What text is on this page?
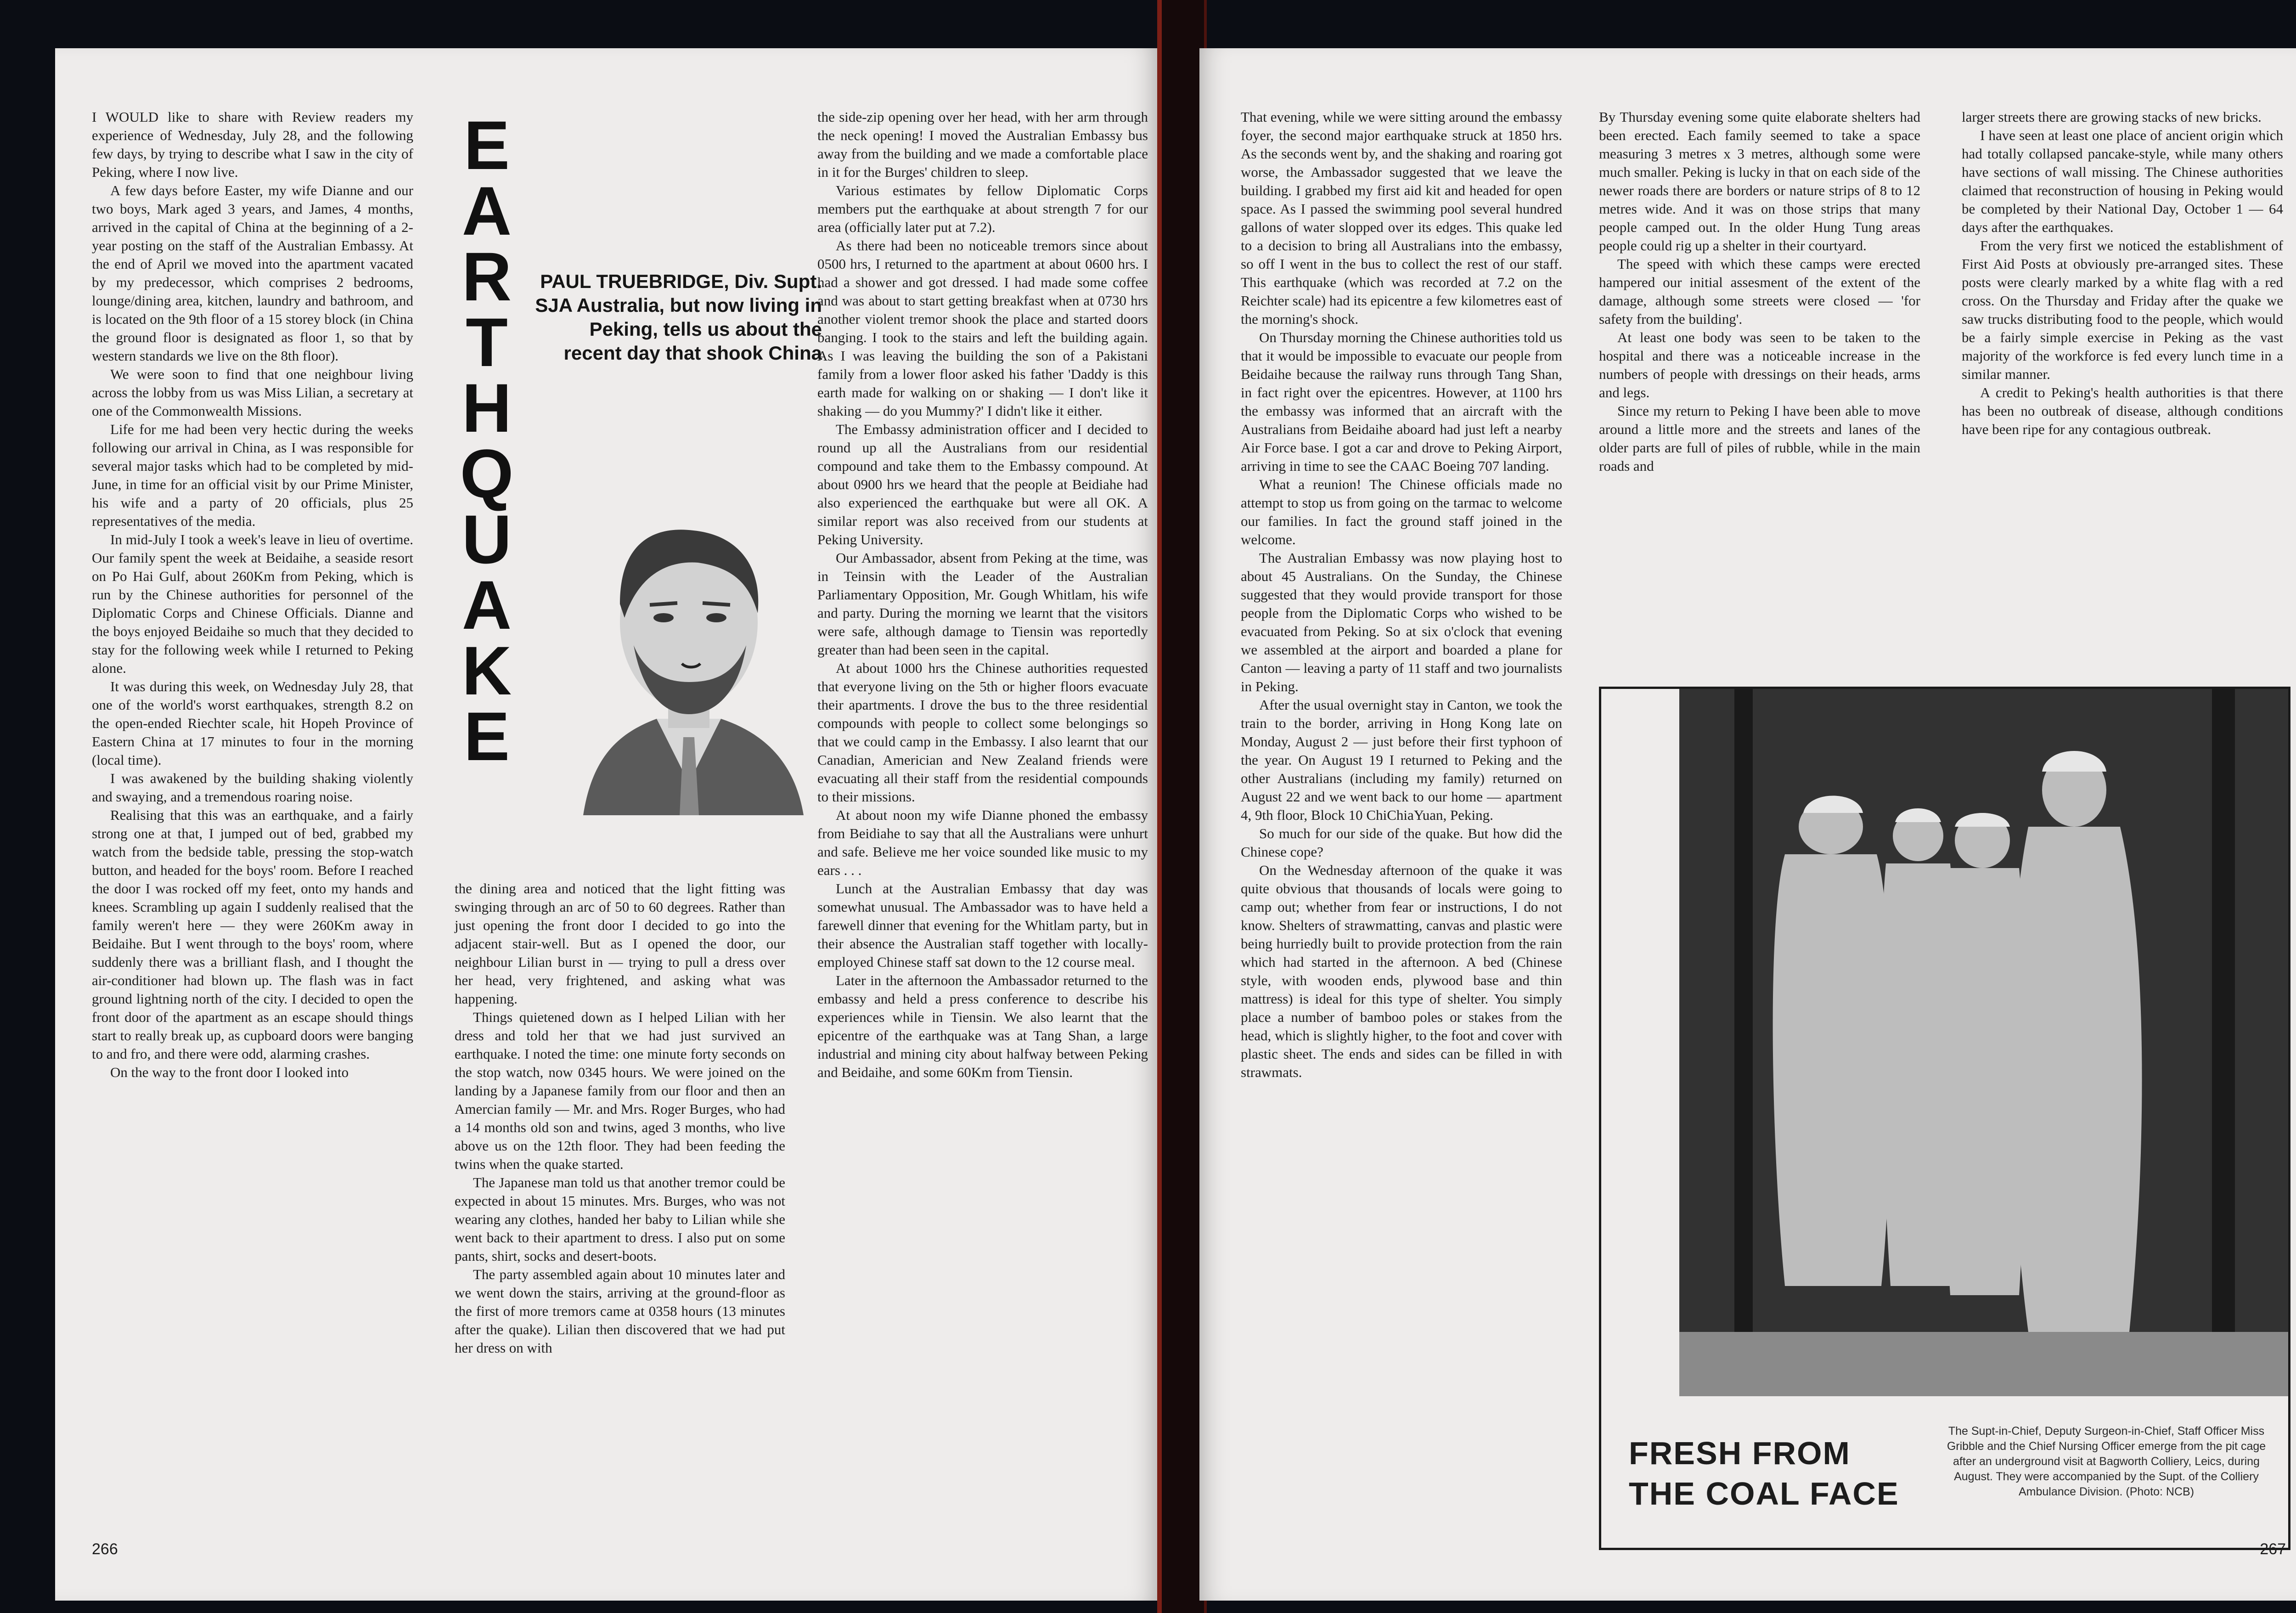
I WOULD like to share with Review readers my experience of Wednesday, July 28, and the following few days, by trying to describe what I saw in the city of Peking, where I now live.

A few days before Easter, my wife Dianne and our two boys, Mark aged 3 years, and James, 4 months, arrived in the capital of China at the beginning of a 2-year posting on the staff of the Australian Embassy. At the end of April we moved into the apartment vacated by my predecessor, which comprises 2 bedrooms, lounge/dining area, kitchen, laundry and bathroom, and is located on the 9th floor of a 15 storey block (in China the ground floor is designated as floor 1, so that by western standards we live on the 8th floor).

We were soon to find that one neighbour living across the lobby from us was Miss Lilian, a secretary at one of the Commonwealth Missions.

Life for me had been very hectic during the weeks following our arrival in China, as I was responsible for several major tasks which had to be completed by mid-June, in time for an official visit by our Prime Minister, his wife and a party of 20 officials, plus 25 representatives of the media.

In mid-July I took a week's leave in lieu of overtime. Our family spent the week at Beidaihe, a seaside resort on Po Hai Gulf, about 260Km from Peking, which is run by the Chinese authorities for personnel of the Diplomatic Corps and Chinese Officials. Dianne and the boys enjoyed Beidaihe so much that they decided to stay for the following week while I returned to Peking alone.

It was during this week, on Wednesday July 28, that one of the world's worst earthquakes, strength 8.2 on the open-ended Riechter scale, hit Hopeh Province of Eastern China at 17 minutes to four in the morning (local time).

I was awakened by the building shaking violently and swaying, and a tremendous roaring noise.

Realising that this was an earthquake, and a fairly strong one at that, I jumped out of bed, grabbed my watch from the bedside table, pressing the stop-watch button, and headed for the boys' room. Before I reached the door I was rocked off my feet, onto my hands and knees. Scrambling up again I suddenly realised that the family weren't here — they were 260Km away in Beidaihe. But I went through to the boys' room, where suddenly there was a brilliant flash, and I thought the air-conditioner had blown up. The flash was in fact ground lightning north of the city. I decided to open the front door of the apartment as an escape should things start to really break up, as cupboard doors were banging to and fro, and there were odd, alarming crashes.

On the way to the front door I looked into

E
A
R
T
H
Q
U
A
K
E
PAUL TRUEBRIDGE, Div. Supt. SJA Australia, but now living in Peking, tells us about the recent day that shook China

the dining area and noticed that the light fitting was swinging through an arc of 50 to 60 degrees. Rather than just opening the front door I decided to go into the adjacent stair-well. But as I opened the door, our neighbour Lilian burst in — trying to pull a dress over her head, very frightened, and asking what was happening.

Things quietened down as I helped Lilian with her dress and told her that we had just survived an earthquake. I noted the time: one minute forty seconds on the stop watch, now 0345 hours. We were joined on the landing by a Japanese family from our floor and then an Amercian family — Mr. and Mrs. Roger Burges, who had a 14 months old son and twins, aged 3 months, who live above us on the 12th floor. They had been feeding the twins when the quake started.

The Japanese man told us that another tremor could be expected in about 15 minutes. Mrs. Burges, who was not wearing any clothes, handed her baby to Lilian while she went back to their apartment to dress. I also put on some pants, shirt, socks and desert-boots.

The party assembled again about 10 minutes later and we went down the stairs, arriving at the ground-floor as the first of more tremors came at 0358 hours (13 minutes after the quake). Lilian then discovered that we had put her dress on with

the side-zip opening over her head, with her arm through the neck opening! I moved the Australian Embassy bus away from the building and we made a comfortable place in it for the Burges' children to sleep.

Various estimates by fellow Diplomatic Corps members put the earthquake at about strength 7 for our area (officially later put at 7.2).

As there had been no noticeable tremors since about 0500 hrs, I returned to the apartment at about 0600 hrs. I had a shower and got dressed. I had made some coffee and was about to start getting breakfast when at 0730 hrs another violent tremor shook the place and started doors banging. I took to the stairs and left the building again. As I was leaving the building the son of a Pakistani family from a lower floor asked his father 'Daddy is this earth made for walking on or shaking — I don't like it shaking — do you Mummy?' I didn't like it either.

The Embassy administration officer and I decided to round up all the Australians from our residential compound and take them to the Embassy compound. At about 0900 hrs we heard that the people at Beidiahe had also experienced the earthquake but were all OK. A similar report was also received from our students at Peking University.

Our Ambassador, absent from Peking at the time, was in Teinsin with the Leader of the Australian Parliamentary Opposition, Mr. Gough Whitlam, his wife and party. During the morning we learnt that the visitors were safe, although damage to Tiensin was reportedly greater than had been seen in the capital.

At about 1000 hrs the Chinese authorities requested that everyone living on the 5th or higher floors evacuate their apartments. I drove the bus to the three residential compounds with people to collect some belongings so that we could camp in the Embassy. I also learnt that our Canadian, Americian and New Zealand friends were evacuating all their staff from the residential compounds to their missions.

At about noon my wife Dianne phoned the embassy from Beidiahe to say that all the Australians were unhurt and safe. Believe me her voice sounded like music to my ears . . .

Lunch at the Australian Embassy that day was somewhat unusual. The Ambassador was to have held a farewell dinner that evening for the Whitlam party, but in their absence the Australian staff together with locally-employed Chinese staff sat down to the 12 course meal.

Later in the afternoon the Ambassador returned to the embassy and held a press conference to describe his experiences while in Tiensin. We also learnt that the epicentre of the earthquake was at Tang Shan, a large industrial and mining city about halfway between Peking and Beidaihe, and some 60Km from Tiensin.

266

That evening, while we were sitting around the embassy foyer, the second major earthquake struck at 1850 hrs. As the seconds went by, and the shaking and roaring got worse, the Ambassador suggested that we leave the building. I grabbed my first aid kit and headed for open space. As I passed the swimming pool several hundred gallons of water slopped over its edges. This quake led to a decision to bring all Australians into the embassy, so off I went in the bus to collect the rest of our staff. This earthquake (which was recorded at 7.2 on the Reichter scale) had its epicentre a few kilometres east of the morning's shock.

On Thursday morning the Chinese authorities told us that it would be impossible to evacuate our people from Beidaihe because the railway runs through Tang Shan, in fact right over the epicentres. However, at 1100 hrs the embassy was informed that an aircraft with the Australians from Beidaihe aboard had just left a nearby Air Force base. I got a car and drove to Peking Airport, arriving in time to see the CAAC Boeing 707 landing.

What a reunion! The Chinese officials made no attempt to stop us from going on the tarmac to welcome our families. In fact the ground staff joined in the welcome.

The Australian Embassy was now playing host to about 45 Australians. On the Sunday, the Chinese suggested that they would provide transport for those people from the Diplomatic Corps who wished to be evacuated from Peking. So at six o'clock that evening we assembled at the airport and boarded a plane for Canton — leaving a party of 11 staff and two journalists in Peking.

After the usual overnight stay in Canton, we took the train to the border, arriving in Hong Kong late on Monday, August 2 — just before their first typhoon of the year. On August 19 I returned to Peking and the other Australians (including my family) returned on August 22 and we went back to our home — apartment 4, 9th floor, Block 10 ChiChiaYuan, Peking.

So much for our side of the quake. But how did the Chinese cope?

On the Wednesday afternoon of the quake it was quite obvious that thousands of locals were going to camp out; whether from fear or instructions, I do not know. Shelters of strawmatting, canvas and plastic were being hurriedly built to provide protection from the rain which had started in the afternoon. A bed (Chinese style, with wooden ends, plywood base and thin mattress) is ideal for this type of shelter. You simply place a number of bamboo poles or stakes from the head, which is slightly higher, to the foot and cover with plastic sheet. The ends and sides can be filled in with strawmats.

By Thursday evening some quite elaborate shelters had been erected. Each family seemed to take a space measuring 3 metres x 3 metres, although some were much smaller. Peking is lucky in that on each side of the newer roads there are borders or nature strips of 8 to 12 metres wide. And it was on those strips that many people camped out. In the older Hung Tung areas people could rig up a shelter in their courtyard.

The speed with which these camps were erected hampered our initial assesment of the extent of the damage, although some streets were closed — 'for safety from the building'.

At least one body was seen to be taken to the hospital and there was a noticeable increase in the numbers of people with dressings on their heads, arms and legs.

Since my return to Peking I have been able to move around a little more and the streets and lanes of the older parts are full of piles of rubble, while in the main roads and

larger streets there are growing stacks of new bricks.

I have seen at least one place of ancient origin which had totally collapsed pancake-style, while many others have sections of wall missing. The Chinese authorities claimed that reconstruction of housing in Peking would be completed by their National Day, October 1 — 64 days after the earthquakes.

From the very first we noticed the establishment of First Aid Posts at obviously pre-arranged sites. These posts were clearly marked by a white flag with a red cross. On the Thursday and Friday after the quake we saw trucks distributing food to the people, which would be a fairly simple exercise in Peking as the vast majority of the workforce is fed every lunch time in a similar manner.

A credit to Peking's health authorities is that there has been no outbreak of disease, although conditions have been ripe for any contagious outbreak.

FRESH FROM THE COAL FACE
The Supt-in-Chief, Deputy Surgeon-in-Chief, Staff Officer Miss Gribble and the Chief Nursing Officer emerge from the pit cage after an underground visit at Bagworth Colliery, Leics, during August. They were accompanied by the Supt. of the Colliery Ambulance Division. (Photo: NCB)
267
